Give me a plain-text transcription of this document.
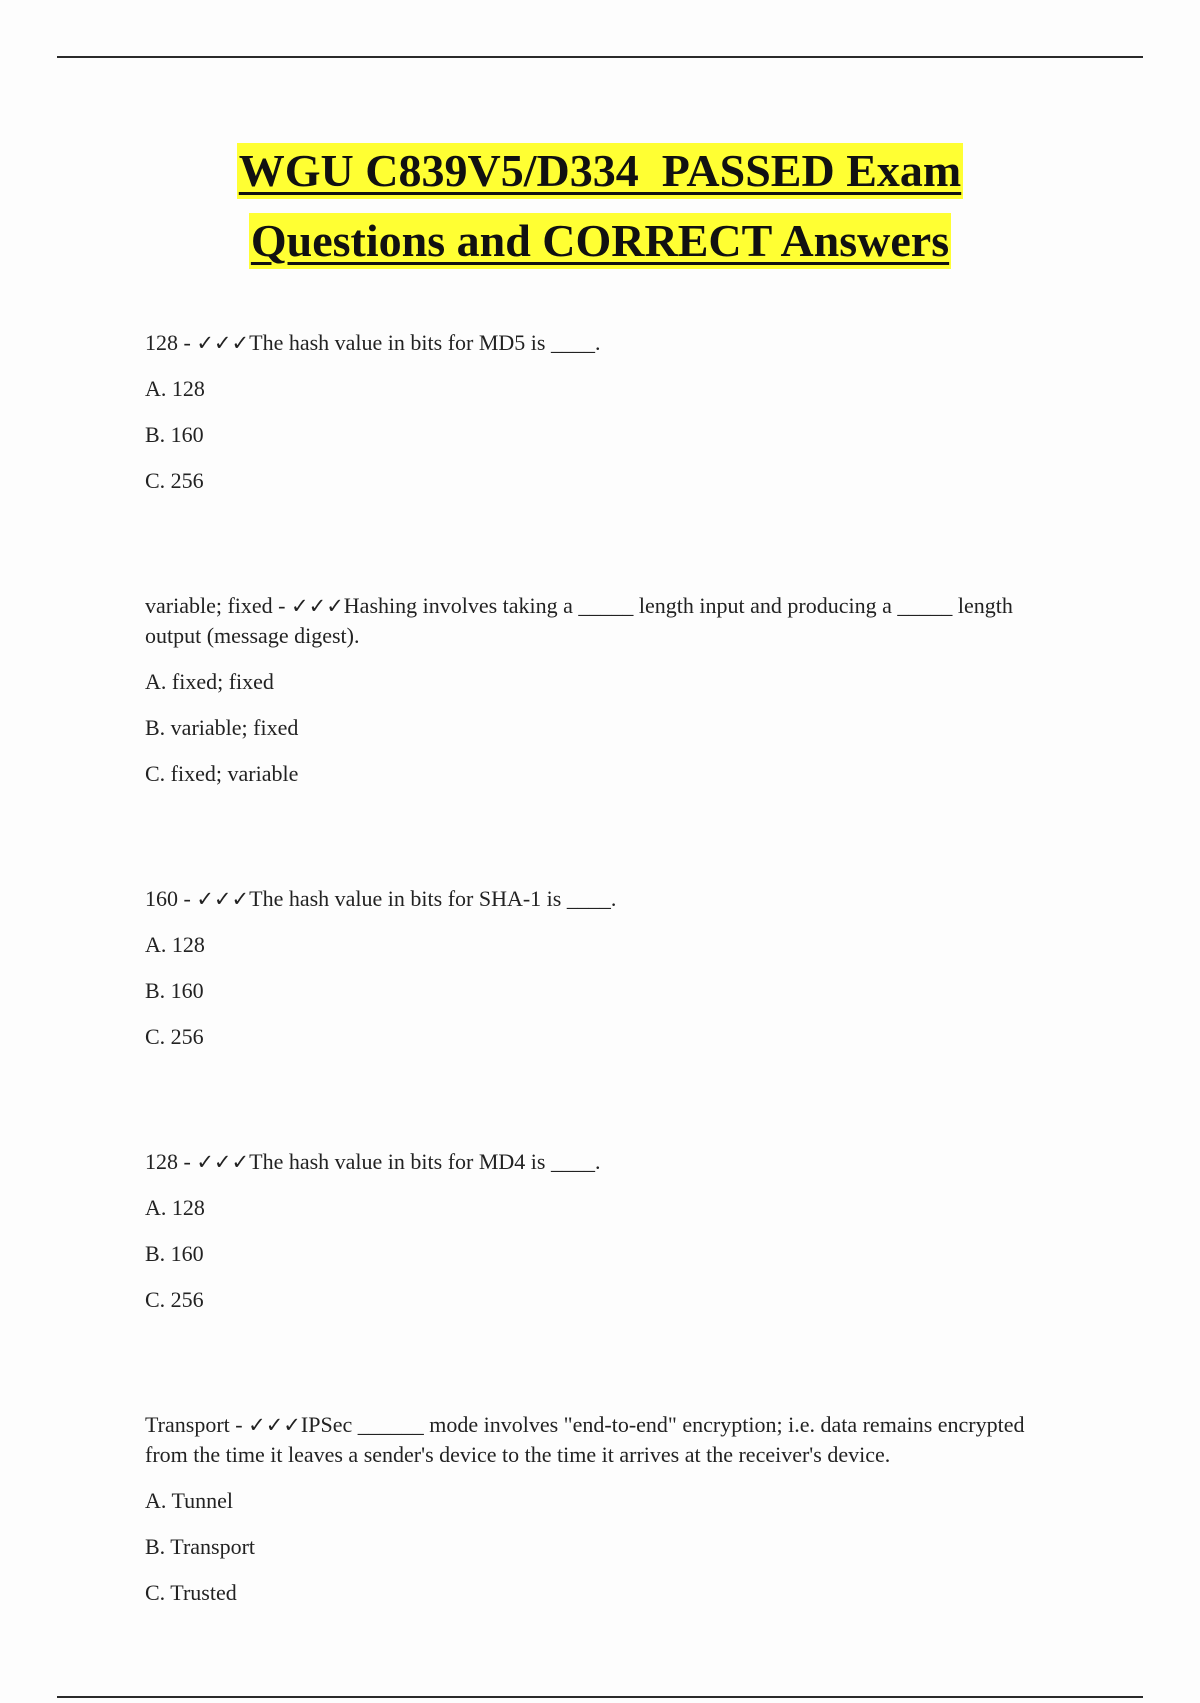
WGU C839V5/D334  PASSED Exam
Questions and CORRECT Answers
128 - ✓✓✓The hash value in bits for MD5 is ____.
A. 128
B. 160
C. 256
variable; fixed - ✓✓✓Hashing involves taking a _____ length input and producing a _____ length output (message digest).
A. fixed; fixed
B. variable; fixed
C. fixed; variable
160 - ✓✓✓The hash value in bits for SHA-1 is ____.
A. 128
B. 160
C. 256
128 - ✓✓✓The hash value in bits for MD4 is ____.
A. 128
B. 160
C. 256
Transport - ✓✓✓IPSec ______ mode involves "end-to-end" encryption; i.e. data remains encrypted from the time it leaves a sender's device to the time it arrives at the receiver's device.
A. Tunnel
B. Transport
C. Trusted
